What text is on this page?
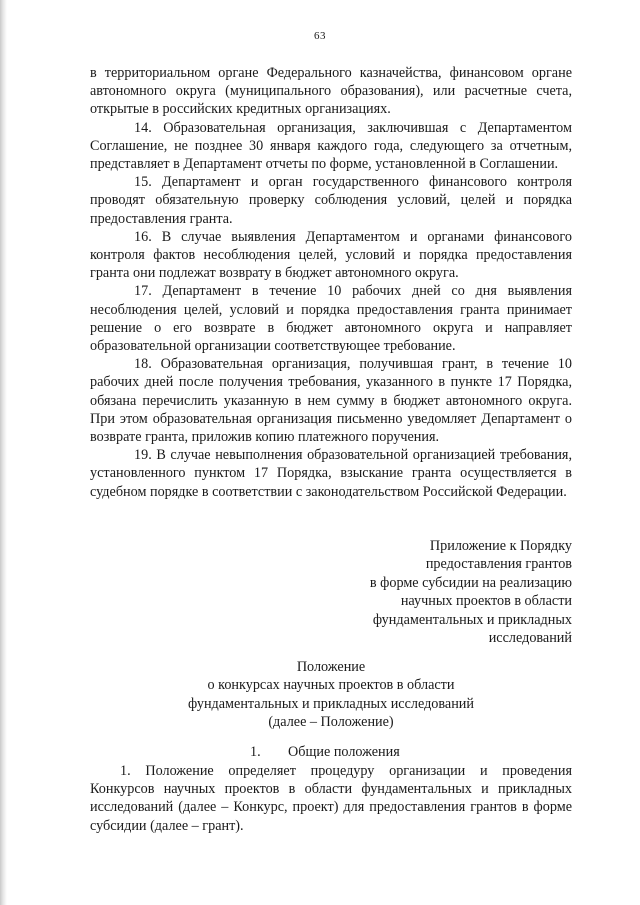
63

в территориальном органе Федерального казначейства, финансовом органе автономного округа (муниципального образования), или расчетные счета, открытые в российских кредитных организациях.

14. Образовательная организация, заключившая с Департаментом Соглашение, не позднее 30 января каждого года, следующего за отчетным, представляет в Департамент отчеты по форме, установленной в Соглашении.

15. Департамент и орган государственного финансового контроля проводят обязательную проверку соблюдения условий, целей и порядка предоставления гранта.

16. В случае выявления Департаментом и органами финансового контроля фактов несоблюдения целей, условий и порядка предоставления гранта они подлежат возврату в бюджет автономного округа.

17. Департамент в течение 10 рабочих дней со дня выявления несоблюдения целей, условий и порядка предоставления гранта принимает решение о его возврате в бюджет автономного округа и направляет образовательной организации соответствующее требование.

18. Образовательная организация, получившая грант, в течение 10 рабочих дней после получения требования, указанного в пункте 17 Порядка, обязана перечислить указанную в нем сумму в бюджет автономного округа. При этом образовательная организация письменно уведомляет Департамент о возврате гранта, приложив копию платежного поручения.

19. В случае невыполнения образовательной организацией требования, установленного пунктом 17 Порядка, взыскание гранта осуществляется в судебном порядке в соответствии с законодательством Российской Федерации.

Приложение к Порядку
предоставления грантов
в форме субсидии на реализацию
научных проектов в области
фундаментальных и прикладных
исследований
Положение
о конкурсах научных проектов в области
фундаментальных и прикладных исследований
(далее – Положение)
1. Общие положения

1. Положение определяет процедуру организации и проведения Конкурсов научных проектов в области фундаментальных и прикладных исследований (далее – Конкурс, проект) для предоставления грантов в форме субсидии (далее – грант).
